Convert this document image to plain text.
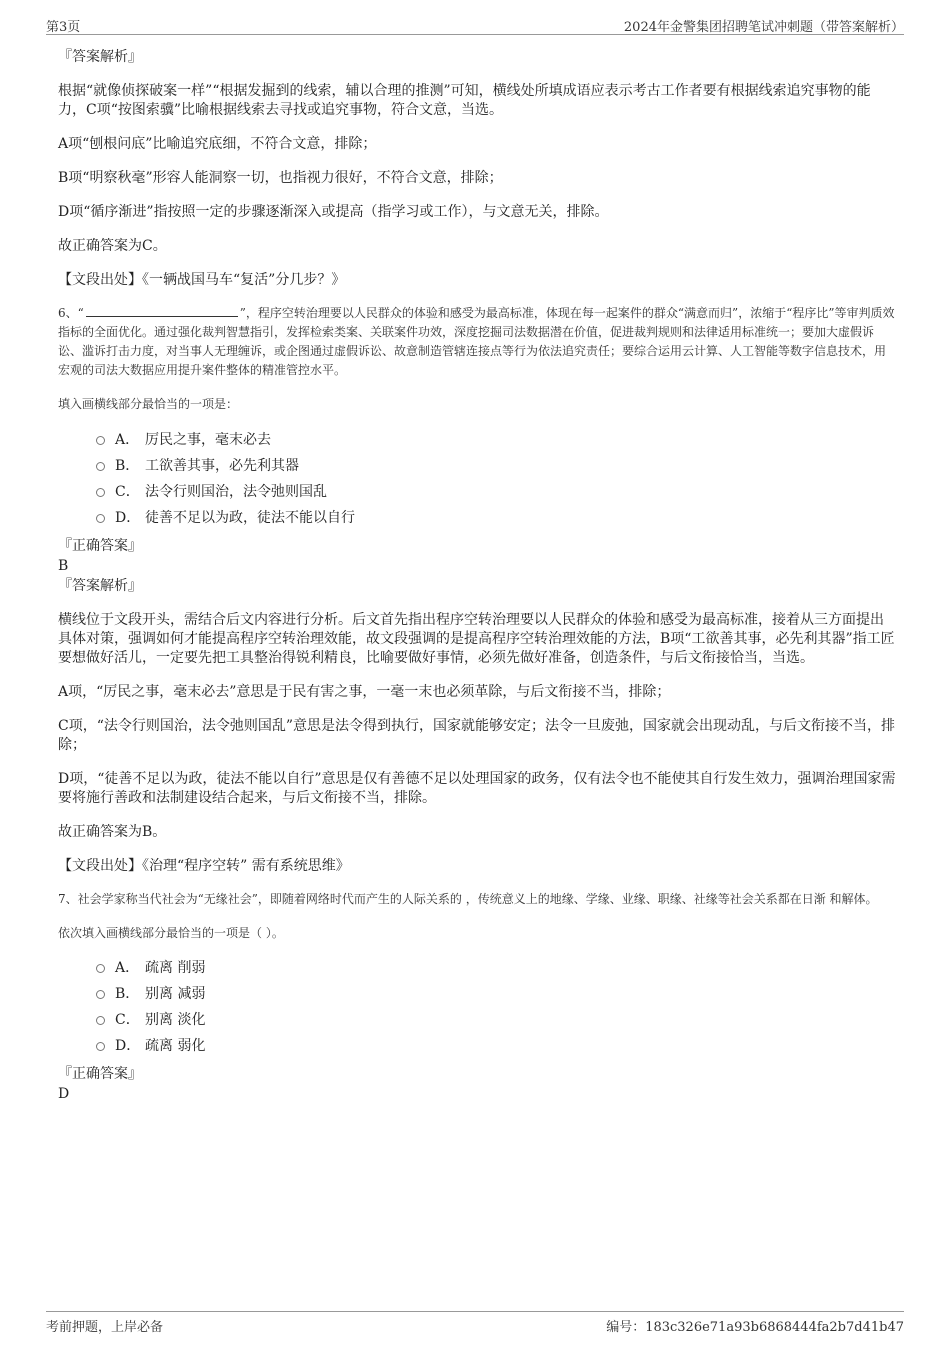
第3页	2024年金警集团招聘笔试冲刺题（带答案解析）

『答案解析』

根据“就像侦探破案一样”“根据发掘到的线索，辅以合理的推测”可知，横线处所填成语应表示考古工作者要有根据线索追究事物的能力，C项“按图索骥”比喻根据线索去寻找或追究事物，符合文意，当选。

A项“刨根问底”比喻追究底细，不符合文意，排除；

B项“明察秋毫”形容人能洞察一切，也指视力很好，不符合文意，排除；

D项“循序渐进”指按照一定的步骤逐渐深入或提高（指学习或工作），与文意无关，排除。

故正确答案为C。

【文段出处】《一辆战国马车“复活”分几步？》

6、“	”，程序空转治理要以人民群众的体验和感受为最高标准，体现在每一起案件的群众“满意而归”，浓缩于“程序比”等审判质效指标的全面优化。通过强化裁判智慧指引，发挥检索类案、关联案件功效，深度挖掘司法数据潜在价值，促进裁判规则和法律适用标准统一；要加大虚假诉讼、滥诉打击力度，对当事人无理缠诉，或企图通过虚假诉讼、故意制造管辖连接点等行为依法追究责任；要综合运用云计算、人工智能等数字信息技术，用宏观的司法大数据应用提升案件整体的精准管控水平。

填入画横线部分最恰当的一项是：

A． 厉民之事，毫末必去
B． 工欲善其事，必先利其器
C． 法令行则国治，法令弛则国乱
D． 徒善不足以为政，徒法不能以自行

『正确答案』

B

『答案解析』

横线位于文段开头，需结合后文内容进行分析。后文首先指出程序空转治理要以人民群众的体验和感受为最高标准，接着从三方面提出具体对策，强调如何才能提高程序空转治理效能，故文段强调的是提高程序空转治理效能的方法，B项“工欲善其事，必先利其器”指工匠要想做好活儿，一定要先把工具整治得锐利精良，比喻要做好事情，必须先做好准备，创造条件，与后文衔接恰当，当选。

A项，“厉民之事，毫末必去”意思是于民有害之事，一毫一末也必须革除，与后文衔接不当，排除；

C项，“法令行则国治，法令弛则国乱”意思是法令得到执行，国家就能够安定；法令一旦废弛，国家就会出现动乱，与后文衔接不当，排除；

D项，“徒善不足以为政，徒法不能以自行”意思是仅有善德不足以处理国家的政务，仅有法令也不能使其自行发生效力，强调治理国家需要将施行善政和法制建设结合起来，与后文衔接不当，排除。

故正确答案为B。

【文段出处】《治理“程序空转” 需有系统思维》

7、社会学家称当代社会为“无缘社会”，即随着网络时代而产生的人际关系的 ，传统意义上的地缘、学缘、业缘、职缘、社缘等社会关系都在日渐 和解体。

依次填入画横线部分最恰当的一项是（ ）。

A． 疏离 削弱
B． 别离 减弱
C． 别离 淡化
D． 疏离 弱化

『正确答案』

D

考前押题，上岸必备	编号：183c326e71a93b6868444fa2b7d41b47
